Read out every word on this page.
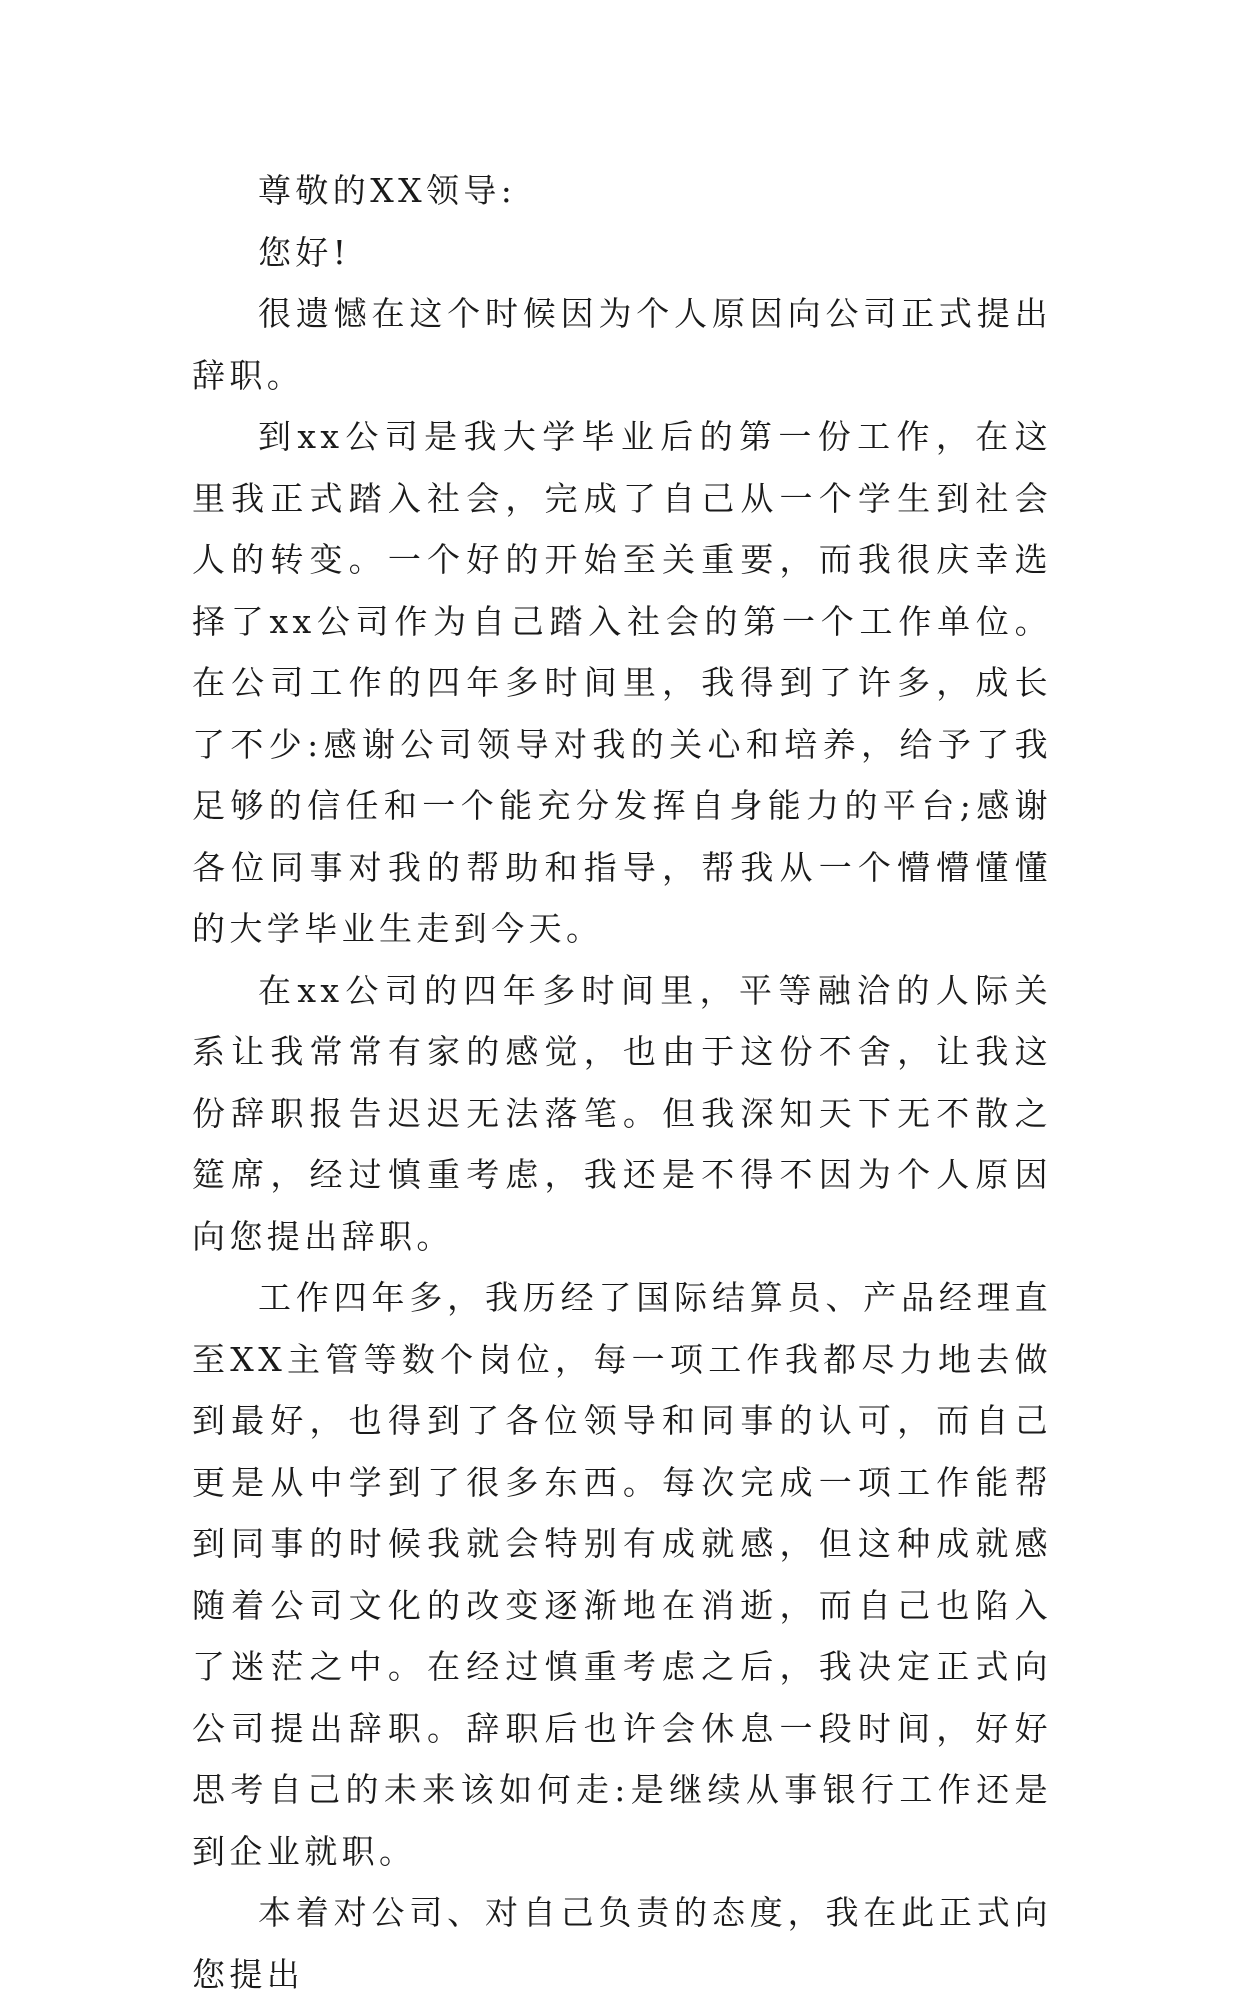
尊敬的XX领导:

您好!

很遗憾在这个时候因为个人原因向公司正式提出辞职。

到xx公司是我大学毕业后的第一份工作，在这里我正式踏入社会，完成了自己从一个学生到社会人的转变。一个好的开始至关重要，而我很庆幸选择了xx公司作为自己踏入社会的第一个工作单位。在公司工作的四年多时间里，我得到了许多，成长了不少:感谢公司领导对我的关心和培养，给予了我足够的信任和一个能充分发挥自身能力的平台;感谢各位同事对我的帮助和指导，帮我从一个懵懵懂懂的大学毕业生走到今天。

在xx公司的四年多时间里，平等融洽的人际关系让我常常有家的感觉，也由于这份不舍，让我这份辞职报告迟迟无法落笔。但我深知天下无不散之筵席，经过慎重考虑，我还是不得不因为个人原因向您提出辞职。

工作四年多，我历经了国际结算员、产品经理直至XX主管等数个岗位，每一项工作我都尽力地去做到最好，也得到了各位领导和同事的认可，而自己更是从中学到了很多东西。每次完成一项工作能帮到同事的时候我就会特别有成就感，但这种成就感随着公司文化的改变逐渐地在消逝，而自己也陷入了迷茫之中。在经过慎重考虑之后，我决定正式向公司提出辞职。辞职后也许会休息一段时间，好好思考自己的未来该如何走:是继续从事银行工作还是到企业就职。

本着对公司、对自己负责的态度，我在此正式向您提出
